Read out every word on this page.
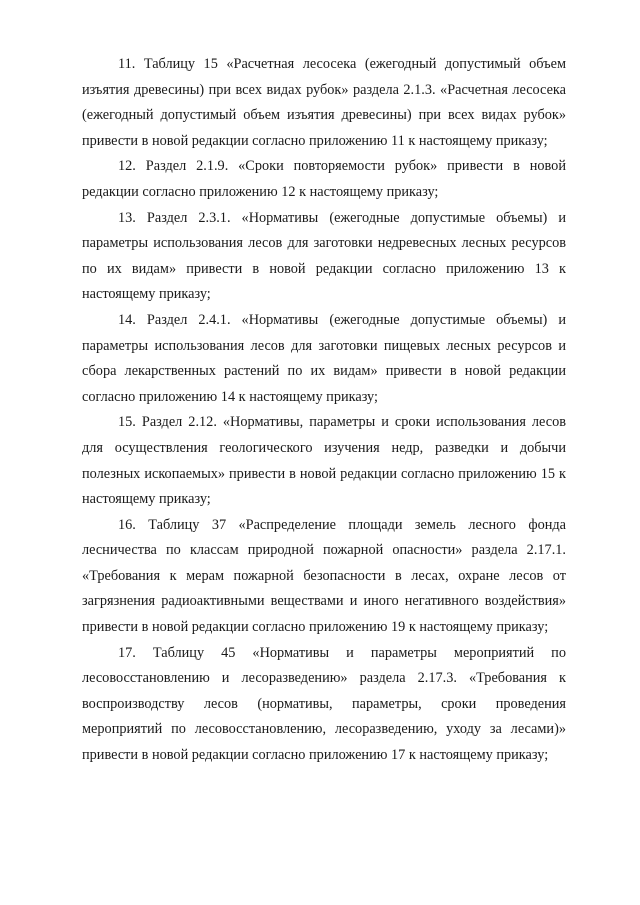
11. Таблицу 15 «Расчетная лесосека (ежегодный допустимый объем изъятия древесины) при всех видах рубок» раздела 2.1.3. «Расчетная лесосека (ежегодный допустимый объем изъятия древесины) при всех видах рубок» привести в новой редакции согласно приложению 11 к настоящему приказу;

12. Раздел 2.1.9. «Сроки повторяемости рубок» привести в новой редакции согласно приложению 12 к настоящему приказу;

13. Раздел 2.3.1. «Нормативы (ежегодные допустимые объемы) и параметры использования лесов для заготовки недревесных лесных ресурсов по их видам» привести в новой редакции согласно приложению 13 к настоящему приказу;

14. Раздел 2.4.1. «Нормативы (ежегодные допустимые объемы) и параметры использования лесов для заготовки пищевых лесных ресурсов и сбора лекарственных растений по их видам» привести в новой редакции согласно приложению 14 к настоящему приказу;

15. Раздел 2.12. «Нормативы, параметры и сроки использования лесов для осуществления геологического изучения недр, разведки и добычи полезных ископаемых» привести в новой редакции согласно приложению 15 к настоящему приказу;

16. Таблицу 37 «Распределение площади земель лесного фонда лесничества по классам природной пожарной опасности» раздела 2.17.1. «Требования к мерам пожарной безопасности в лесах, охране лесов от загрязнения радиоактивными веществами и иного негативного воздействия» привести в новой редакции согласно приложению 19 к настоящему приказу;

17. Таблицу 45 «Нормативы и параметры мероприятий по лесовосстановлению и лесоразведению» раздела 2.17.3. «Требования к воспроизводству лесов (нормативы, параметры, сроки проведения мероприятий по лесовосстановлению, лесоразведению, уходу за лесами)» привести в новой редакции согласно приложению 17 к настоящему приказу;
